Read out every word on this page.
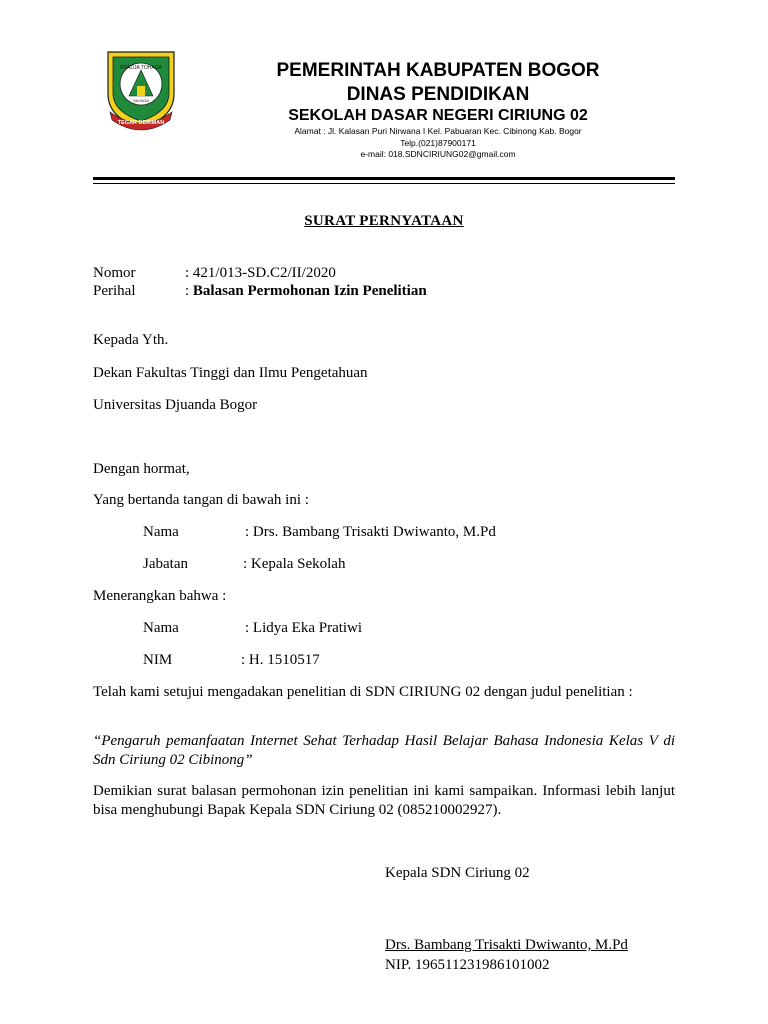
PRADJA TOHAGA
SAYAGA
TEGAR BERIMAN
PEMERINTAH KABUPATEN BOGOR
DINAS PENDIDIKAN
SEKOLAH DASAR NEGERI CIRIUNG 02
Alamat : Jl. Kalasan Puri Nirwana I Kel. Pabuaran Kec. Cibinong Kab. Bogor
Telp.(021)87900171
e-mail: 018.SDNCIRIUNG02@gmail.com
SURAT PERNYATAAN
Nomor	: 421/013-SD.C2/II/2020
Perihal	: Balasan Permohonan Izin Penelitian
Kepada Yth.
Dekan Fakultas Tinggi dan Ilmu Pengetahuan
Universitas Djuanda Bogor
Dengan hormat,
Yang bertanda tangan di bawah ini :
Nama	: Drs. Bambang Trisakti Dwiwanto, M.Pd
Jabatan	: Kepala Sekolah
Menerangkan bahwa :
Nama	: Lidya Eka Pratiwi
NIM	: H. 1510517
Telah kami setujui mengadakan penelitian di SDN CIRIUNG 02 dengan judul penelitian :
“Pengaruh pemanfaatan Internet Sehat Terhadap Hasil Belajar Bahasa Indonesia Kelas V di Sdn Ciriung 02 Cibinong”
Demikian surat balasan permohonan izin penelitian ini kami sampaikan. Informasi lebih lanjut bisa menghubungi Bapak Kepala SDN Ciriung 02 (085210002927).
Kepala SDN Ciriung 02
Drs. Bambang Trisakti Dwiwanto, M.Pd
NIP. 196511231986101002
